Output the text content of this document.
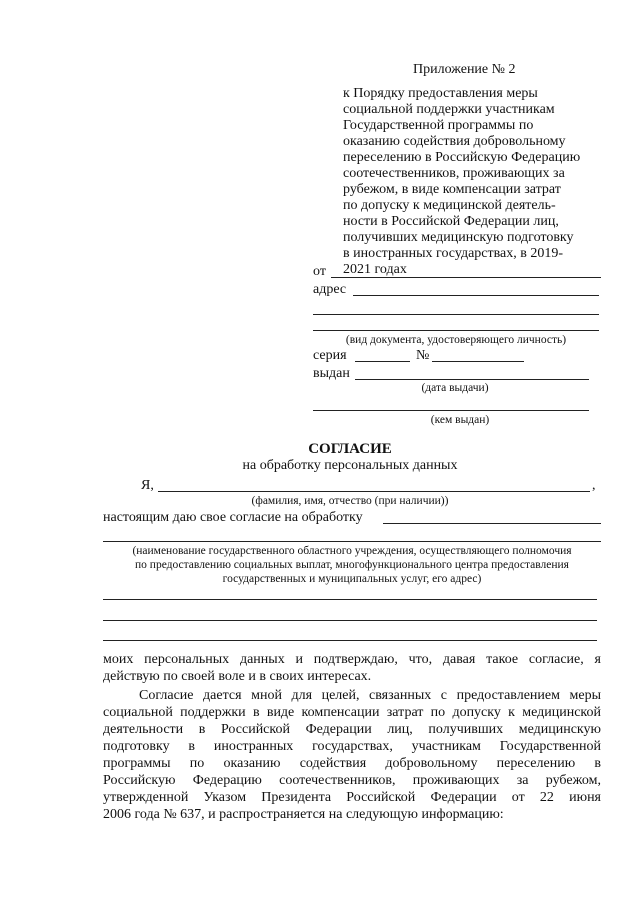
Приложение № 2
к Порядку предоставления меры
социальной поддержки участникам
Государственной программы по
оказанию содействия добровольному
переселению в Российскую Федерацию
соотечественников, проживающих за
рубежом, в виде компенсации затрат
по допуску к медицинской деятель-
ности в Российской Федерации лиц,
получивших медицинскую подготовку
в иностранных государствах, в 2019-
2021 годах
от
адрес
(вид документа, удостоверяющего личность)
серия	№
выдан
(дата выдачи)
(кем выдан)
СОГЛАСИЕ
на обработку персональных данных
Я,	,
(фамилия, имя, отчество (при наличии))
настоящим даю свое согласие на обработку
(наименование государственного областного учреждения, осуществляющего полномочия
по предоставлению социальных выплат, многофункционального центра предоставления
государственных и муниципальных услуг, его адрес)
моих персональных данных и подтверждаю, что, давая такое согласие, я
действую по своей воле и в своих интересах.
Согласие дается мной для целей, связанных с предоставлением меры
социальной поддержки в виде компенсации затрат по допуску к медицинской
деятельности в Российской Федерации лиц, получивших медицинскую
подготовку в иностранных государствах, участникам Государственной
программы по оказанию содействия добровольному переселению в
Российскую Федерацию соотечественников, проживающих за рубежом,
утвержденной Указом Президента Российской Федерации от 22 июня
2006 года № 637, и распространяется на следующую информацию:
